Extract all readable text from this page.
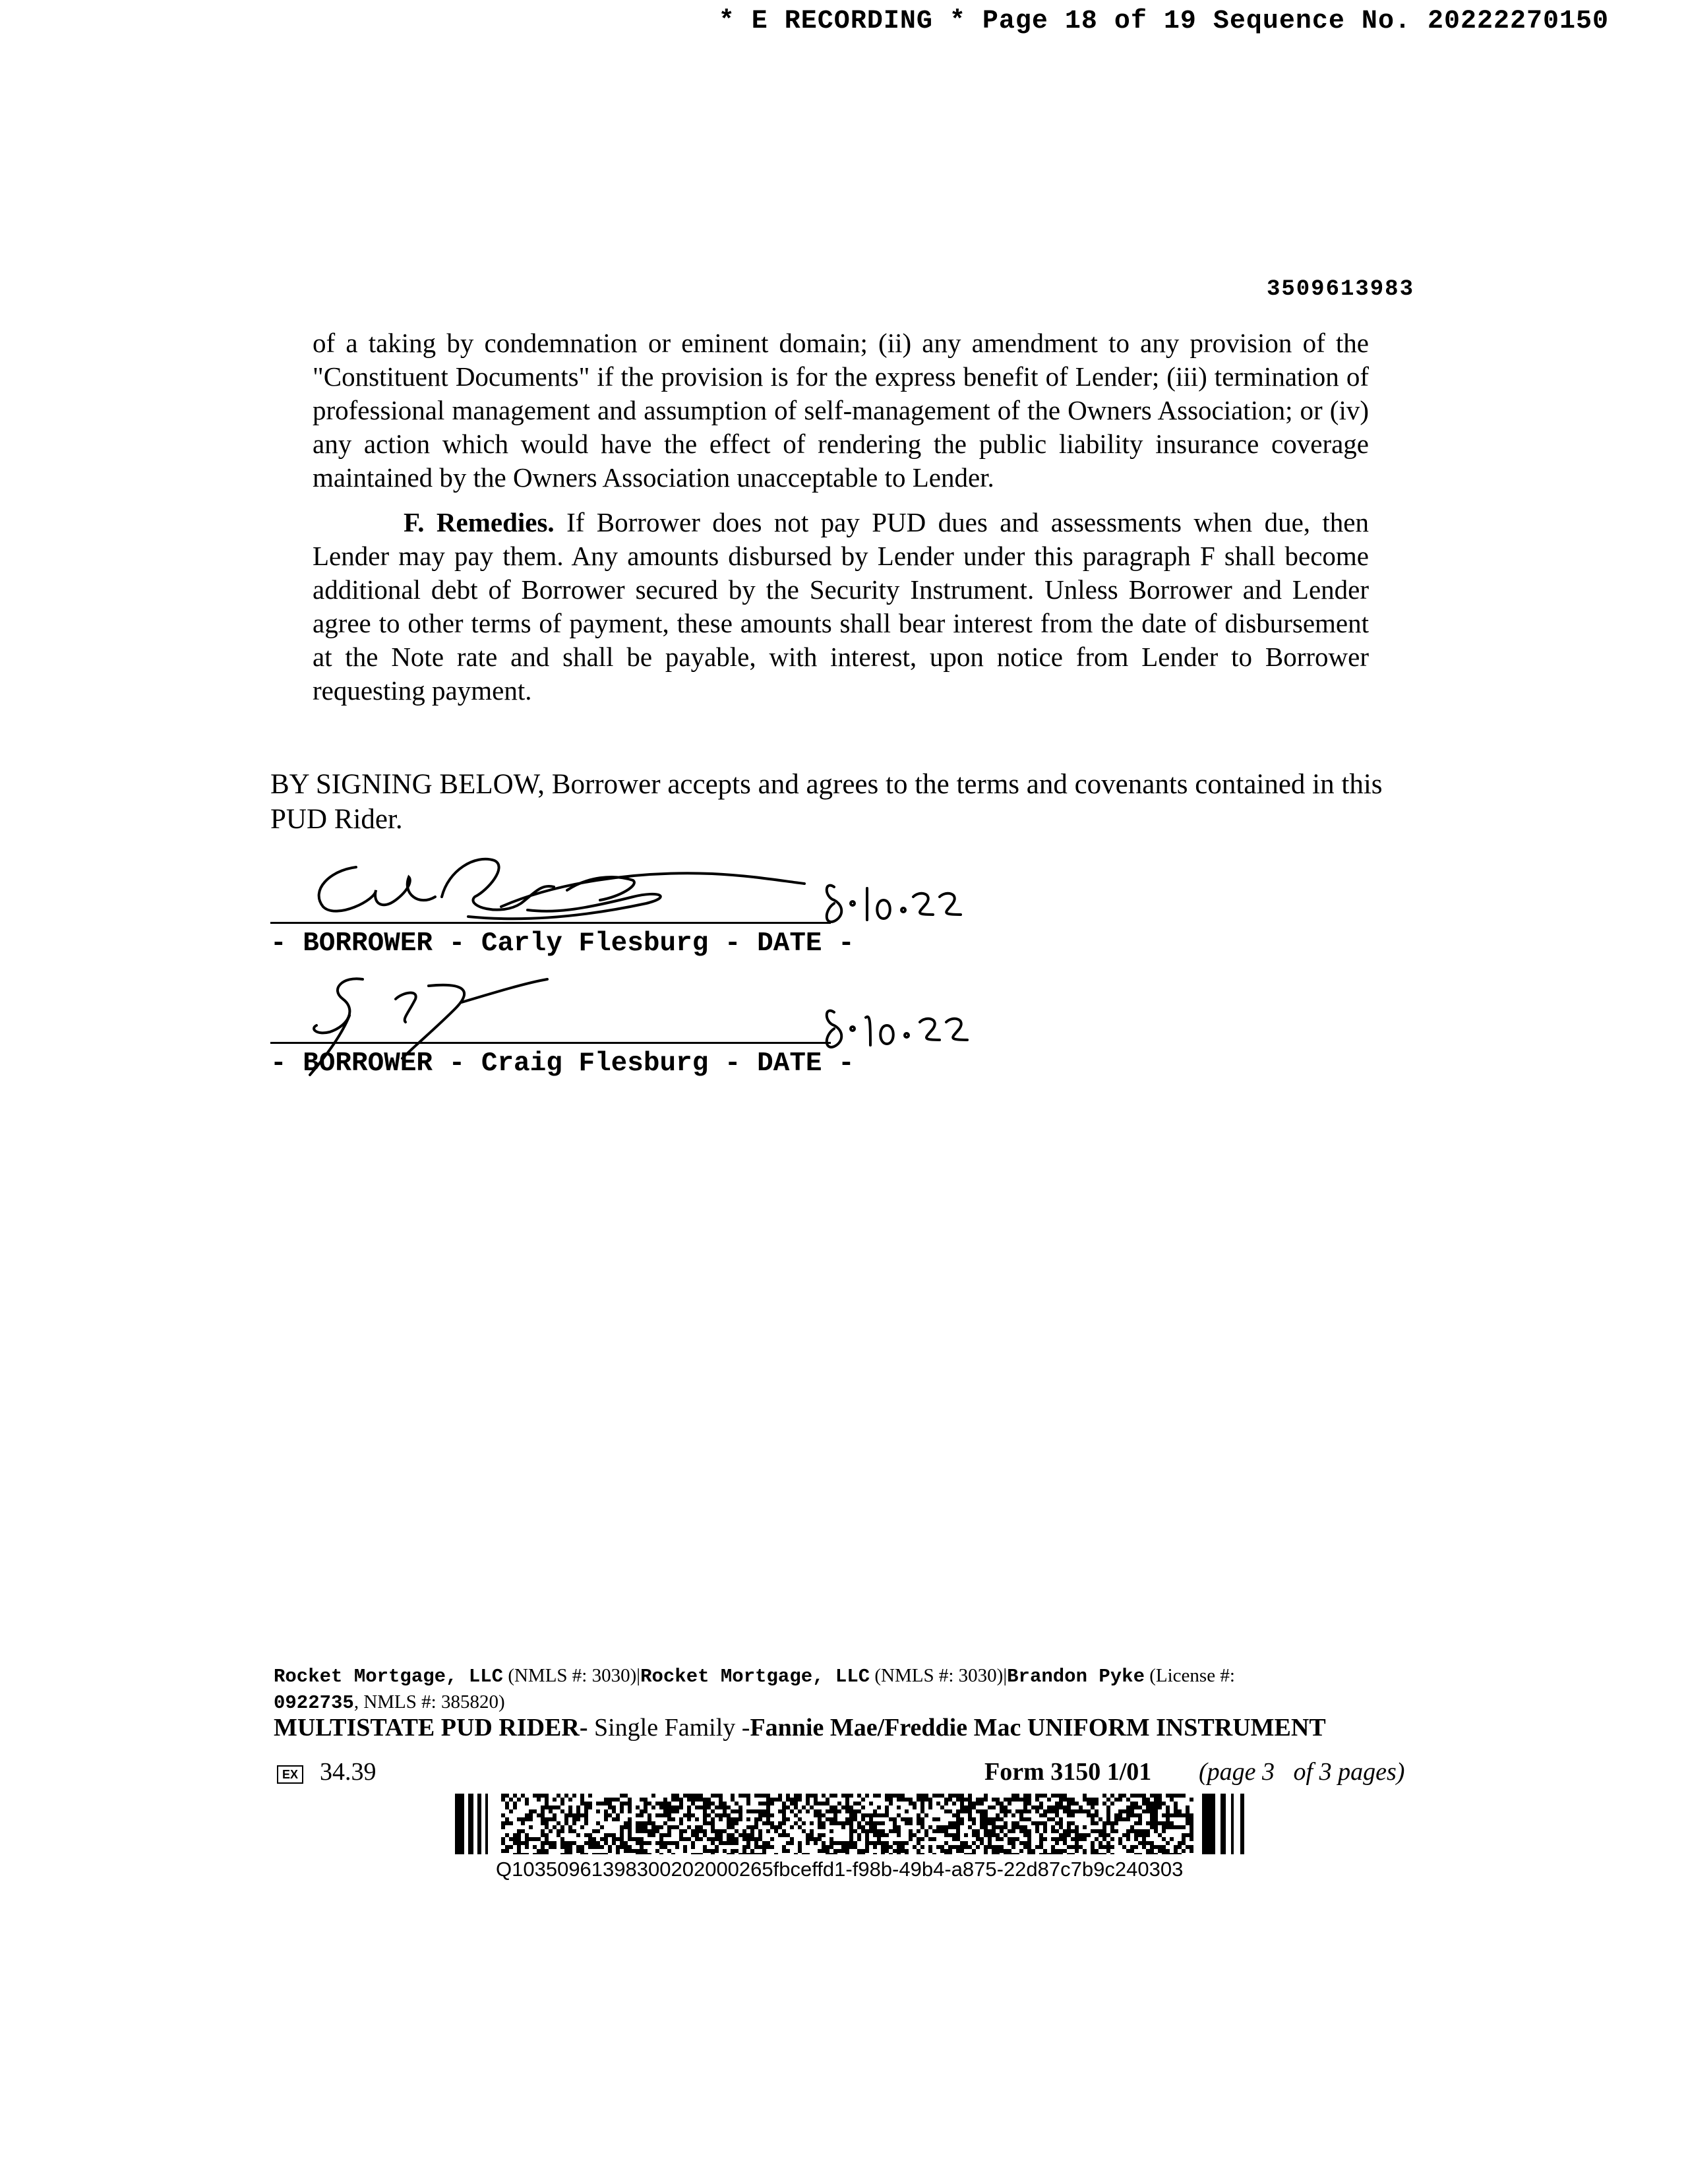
* E RECORDING * Page 18 of 19 Sequence No. 20222270150
3509613983
of a taking by condemnation or eminent domain; (ii) any amendment to any provision of the "Constituent Documents" if the provision is for the express benefit of Lender; (iii) termination of professional management and assumption of self-management of the Owners Association; or (iv) any action which would have the effect of rendering the public liability insurance coverage maintained by the Owners Association unacceptable to Lender.
F. Remedies. If Borrower does not pay PUD dues and assessments when due, then Lender may pay them. Any amounts disbursed by Lender under this paragraph F shall become additional debt of Borrower secured by the Security Instrument. Unless Borrower and Lender agree to other terms of payment, these amounts shall bear interest from the date of disbursement at the Note rate and shall be payable, with interest, upon notice from Lender to Borrower requesting payment.
BY SIGNING BELOW, Borrower accepts and agrees to the terms and covenants contained in this PUD Rider.
- BORROWER - Carly Flesburg - DATE -
- BORROWER - Craig Flesburg - DATE -
Rocket Mortgage, LLC (NMLS #: 3030)|Rocket Mortgage, LLC (NMLS #: 3030)|Brandon Pyke (License #:
0922735, NMLS #: 385820)
MULTISTATE PUD RIDER- Single Family -Fannie Mae/Freddie Mac UNIFORM INSTRUMENT
EX 34.39	Form 3150 1/01 (page 3   of 3 pages)
Q10350961398300202000265fbceffd1-f98b-49b4-a875-22d87c7b9c240303
